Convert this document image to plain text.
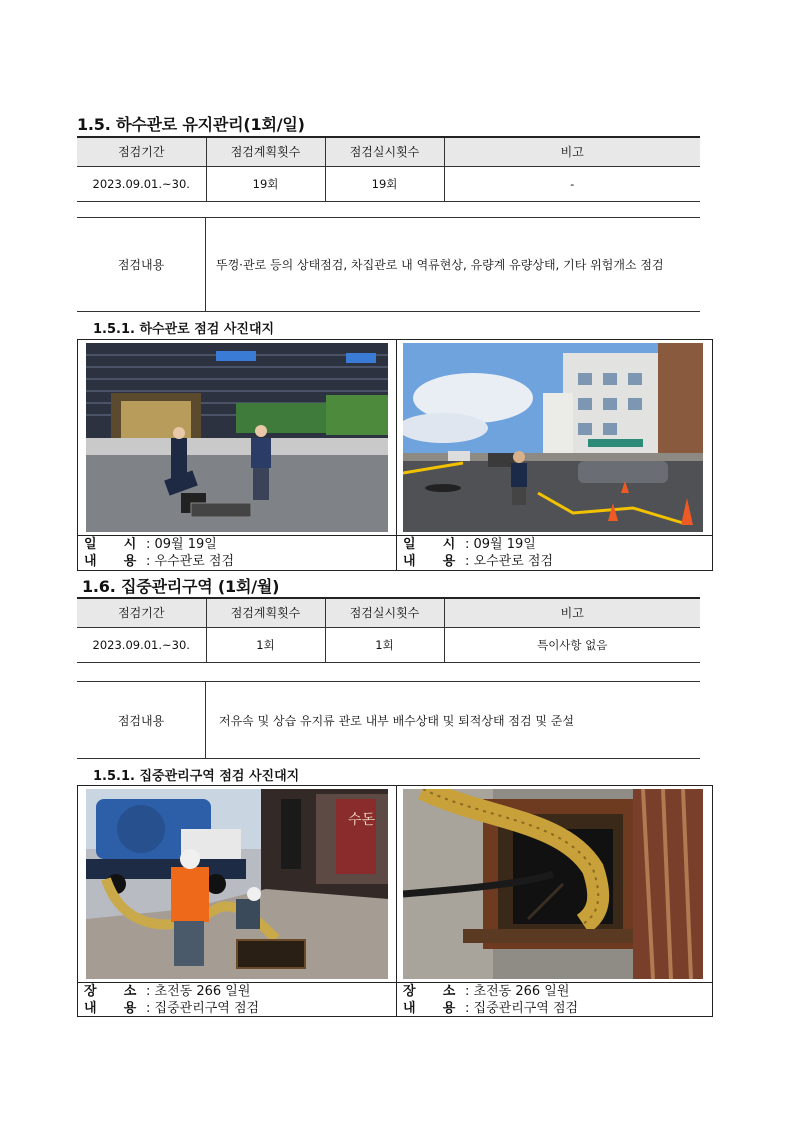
1.5. 하수관로 유지관리(1회/일)
점검기간	점검계획횟수	점검실시횟수	비고
2023.09.01.~30.	19회	19회	-
점검내용	뚜껑·관로 등의 상태점검, 차집관로 내 역류현상, 유량계 유량상태, 기타 위험개소 점검
1.5.1. 하수관로 점검 사진대지
일 시 : 09월 19일
내 용 : 우수관로 점검
일 시 : 09월 19일
내 용 : 오수관로 점검
1.6. 집중관리구역 (1회/월)
점검기간	점검계획횟수	점검실시횟수	비고
2023.09.01.~30.	1회	1회	특이사항 없음
점검내용	저유속 및 상습 유지류 관로 내부 배수상태 및 퇴적상태 점검 및 준설
1.5.1. 집중관리구역 점검 사진대지
수돈
장 소 : 초전동 266 일원
내 용 : 집중관리구역 점검
장 소 : 초전동 266 일원
내 용 : 집중관리구역 점검
